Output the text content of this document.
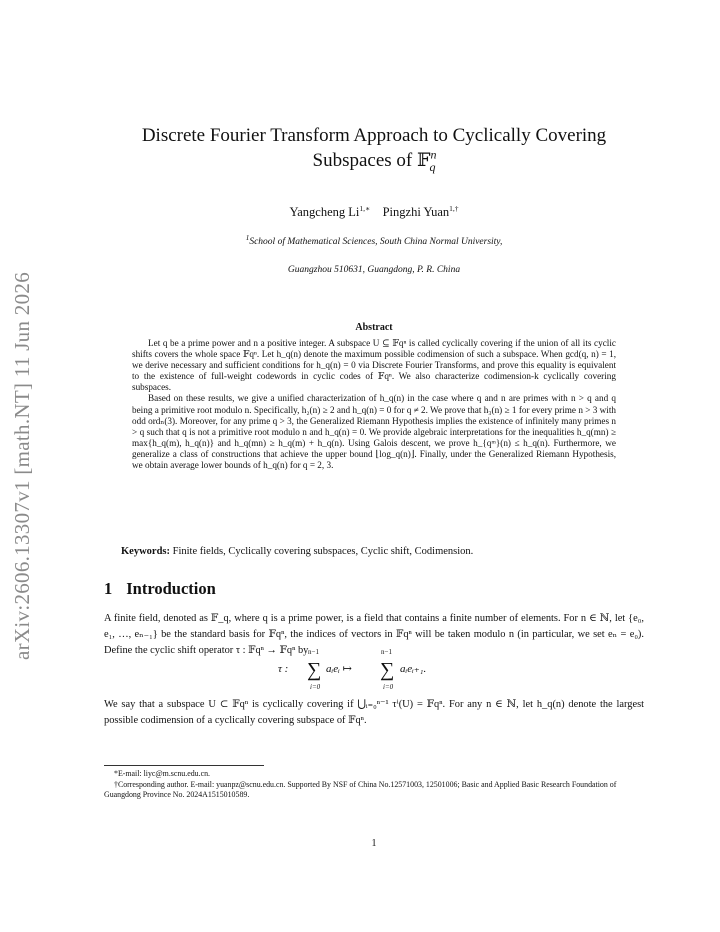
arXiv:2606.13307v1 [math.NT] 11 Jun 2026
Discrete Fourier Transform Approach to Cyclically Covering
Subspaces of 𝔽$^n_q$
Yangcheng $Li^{1,∗}$ Pingzhi Yuan$^{1,\dagger}$
$^1$School of Mathematical Sciences, South China Normal University,
Guangzhou 510631, Guangdong, P. R. China
Abstract

Let q be a prime power and n a positive integer. A subspace U ⊆ 𝔽qⁿ is called cyclically covering if the union of all its cyclic shifts covers the whole space 𝔽qⁿ. Let h_q(n) denote the maximum possible codimension of such a subspace. When gcd(q, n) = 1, we derive necessary and sufficient conditions for h_q(n) = 0 via Discrete Fourier Transforms, and prove this equality is equivalent to the existence of full-weight codewords in cyclic codes of 𝔽qⁿ. We also characterize codimension-k cyclically covering subspaces.

Based on these results, we give a unified characterization of h_q(n) in the case where q and n are primes with n > q and q being a primitive root modulo n. Specifically, h₂(n) ≥ 2 and h_q(n) = 0 for q ≠ 2. We prove that h₃(n) ≥ 1 for every prime n > 3 with odd ordₙ(3). Moreover, for any prime q > 3, the Generalized Riemann Hypothesis implies the existence of infinitely many primes n > q such that q is not a primitive root modulo n and h_q(n) = 0. We provide algebraic interpretations for the inequalities h_q(mn) ≥ max{h_q(m), h_q(n)} and h_q(mn) ≥ h_q(m) + h_q(n). Using Galois descent, we prove h_{qᵐ}(n) ≤ h_q(n). Furthermore, we generalize a class of constructions that achieve the upper bound ⌊log_q(n)⌋. Finally, under the Generalized Riemann Hypothesis, we obtain average lower bounds of h_q(n) for q = 2, 3.

Keywords: Finite fields, Cyclically covering subspaces, Cyclic shift, Codimension.
1 Introduction
A finite field, denoted as 𝔽_q, where q is a prime power, is a field that contains a finite number of elements. For n ∈ ℕ, let {e₀, e₁, …, eₙ₋₁} be the standard basis for 𝔽qⁿ, the indices of vectors in 𝔽qⁿ will be taken modulo n (in particular, we set eₙ = e₀). Define the cyclic shift operator τ : 𝔽qⁿ → 𝔽qⁿ by
τ :
n−1
∑
i=0
aᵢeᵢ ↦
n−1
∑
i=0
aᵢeᵢ₊₁.
We say that a subspace U ⊂ 𝔽qⁿ is cyclically covering if ⋃ᵢ₌₀ⁿ⁻¹ τⁱ(U) = 𝔽qⁿ. For any n ∈ ℕ, let h_q(n) denote the largest possible codimension of a cyclically covering subspace of 𝔽qⁿ.

*E-mail: liyc@m.scnu.edu.cn.

†Corresponding author. E-mail: yuanpz@scnu.edu.cn. Supported By NSF of China No.12571003, 12501006; Basic and Applied Basic Research Foundation of Guangdong Province No. 2024A1515010589.

1
